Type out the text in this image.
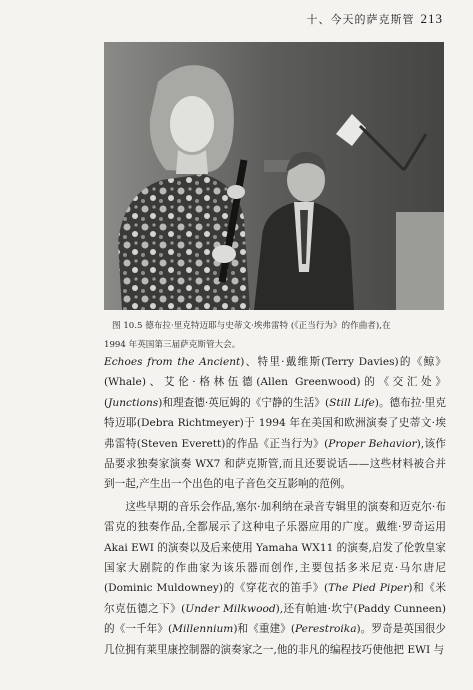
十、今天的萨克斯管 213
图 10.5 德布拉·里克特迈耶与史蒂文·埃弗雷特 (《正当行为》的作曲者),在
1994 年英国第三届萨克斯管大会。

Echoes from the Ancient)、特里·戴维斯(Terry Davies)的《鲸》(Whale)、艾伦·格林伍德(Allen Greenwood)的《交汇处》(Junctions)和理查德·英厄姆的《宁静的生活》(Still Life)。德布拉·里克特迈耶(Debra Richtmeyer)于 1994 年在美国和欧洲演奏了史蒂文·埃弗雷特(Steven Everett)的作品《正当行为》(Proper Behavior),该作品要求独奏家演奏 WX7 和萨克斯管,而且还要说话——这些材料被合并到一起,产生出一个出色的电子音色交互影响的范例。

这些早期的音乐会作品,塞尔·加利纳在录音专辑里的演奏和迈克尔·布雷克的独奏作品,全都展示了这种电子乐器应用的广度。戴维·罗奇运用 Akai EWI 的演奏以及后来使用 Yamaha WX11 的演奏,启发了伦敦皇家国家大剧院的作曲家为该乐器而创作,主要包括多米尼克·马尔唐尼(Dominic Muldowney)的《穿花衣的笛手》(The Pied Piper)和《米尔克伍德之下》(Under Milkwood),还有帕迪·坎宁(Paddy Cunneen)的《一千年》(Millennium)和《重建》(Perestroika)。罗奇是英国很少几位拥有莱里康控制器的演奏家之一,他的非凡的编程技巧使他把 EWI 与
